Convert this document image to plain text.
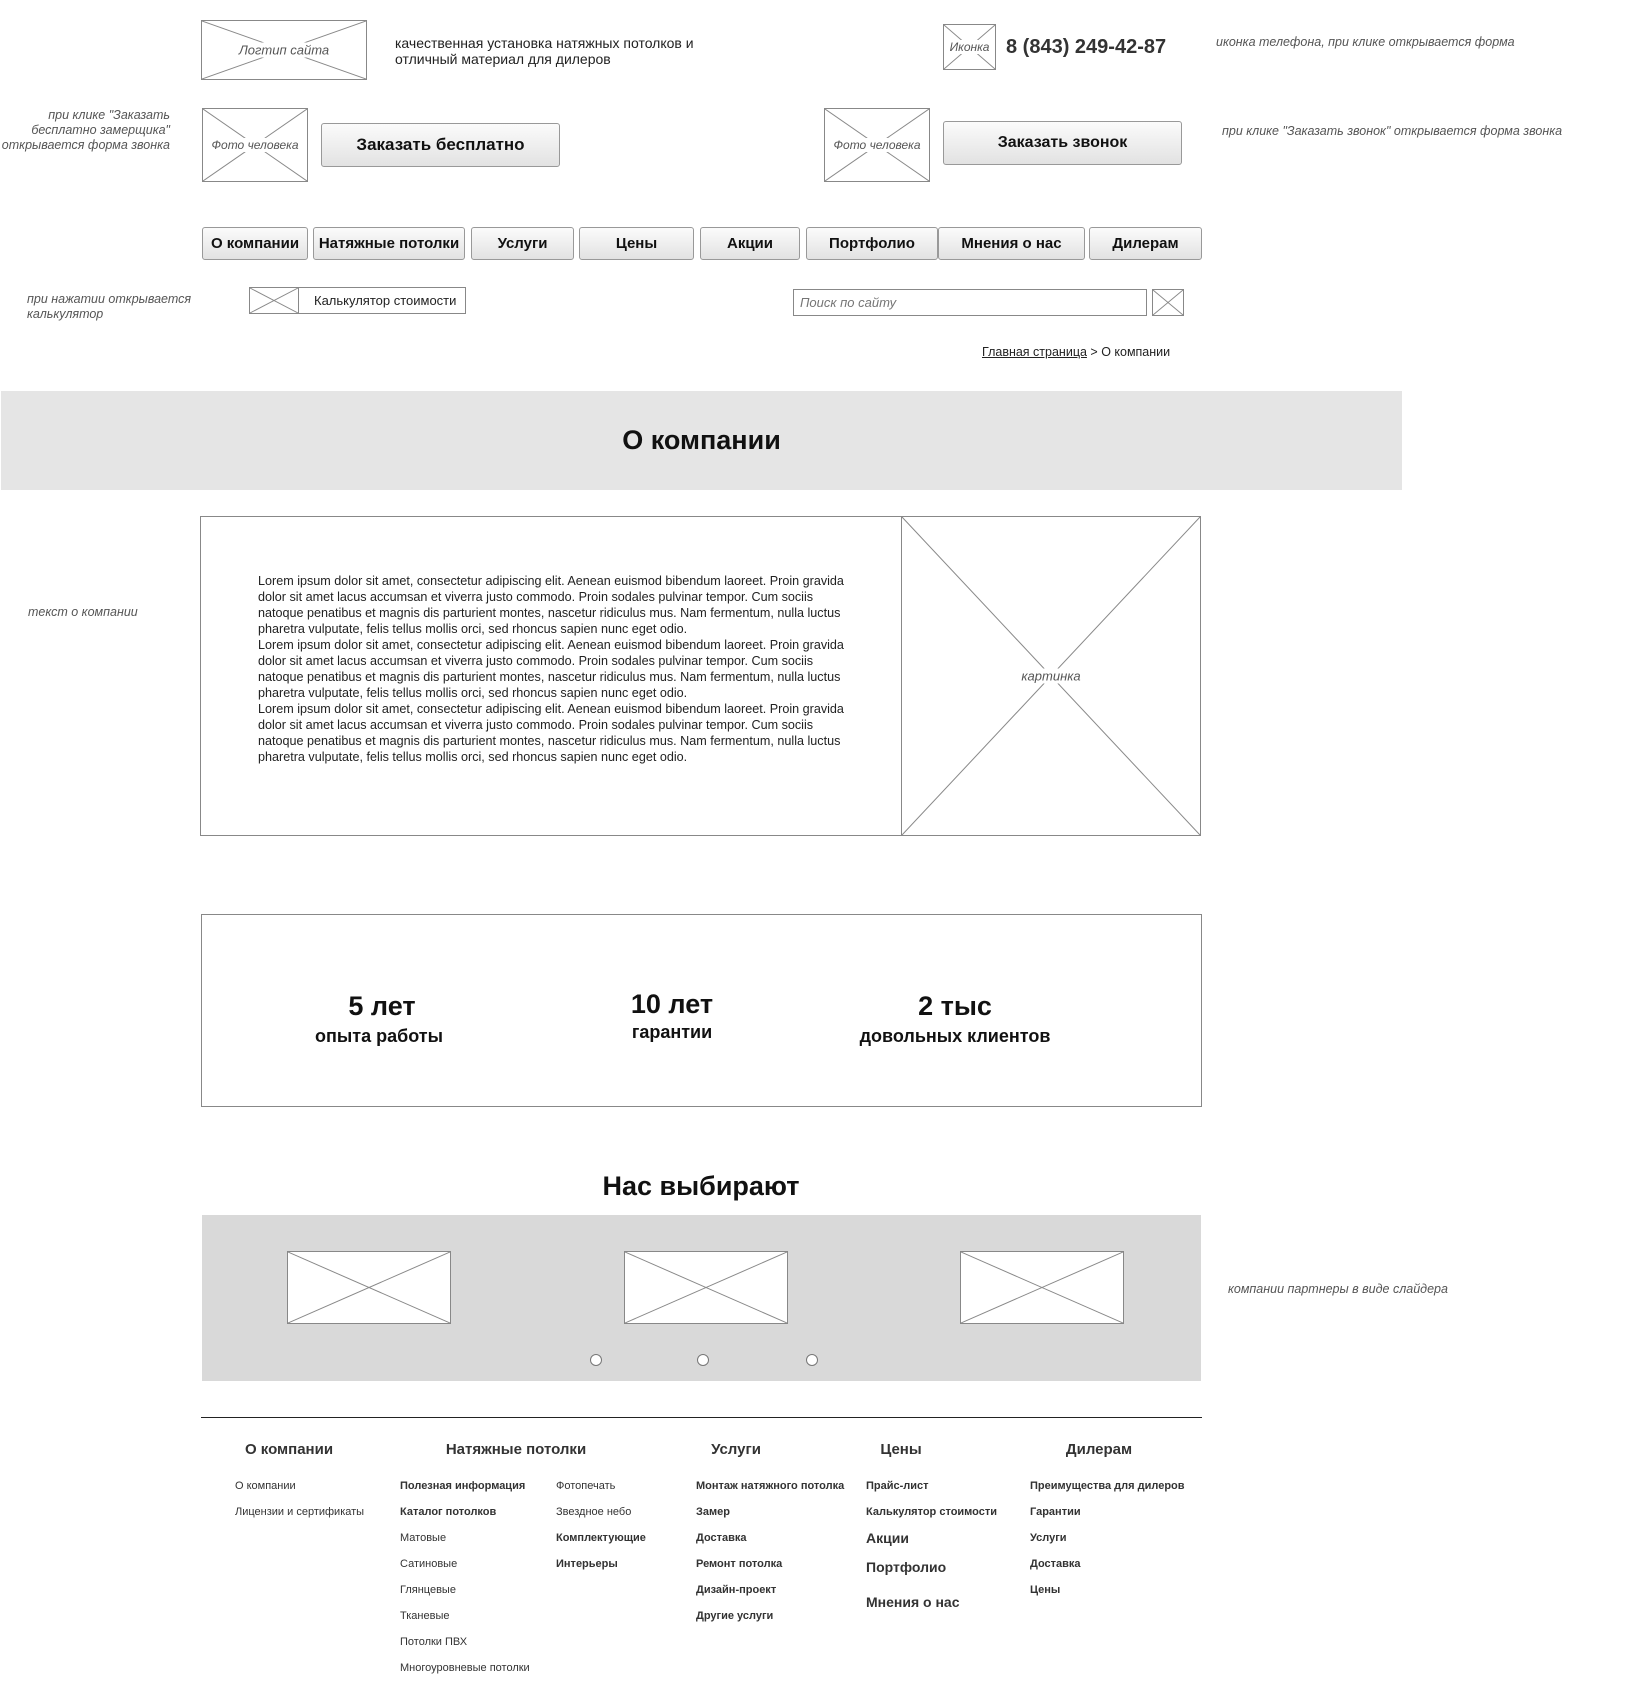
Логтип сайта	качественная установка натяжных потолков и отличный материал для дилеров
Иконка 8 (843) 249-42-87	иконка телефона, при клике открывается форма
при клике "Заказать бесплатно замерщика" открывается форма звонка	Фото человека	Заказать бесплатно	Фото человека	Заказать звонок
при клике "Заказать звонок" открывается форма звонка
О компании	Натяжные потолки	Услуги	Цены	Акции	Портфолио	Мнения о нас	Дилерам
при нажатии открывается калькулятор
Калькулятор стоимости
Поиск по сайту
Главная страница > О компании
О компании
текст о компании
Lorem ipsum dolor sit amet, consectetur adipiscing elit. Aenean euismod bibendum laoreet. Proin gravida dolor sit amet lacus accumsan et viverra justo commodo. Proin sodales pulvinar tempor. Cum sociis natoque penatibus et magnis dis parturient montes, nascetur ridiculus mus. Nam fermentum, nulla luctus pharetra vulputate, felis tellus mollis orci, sed rhoncus sapien nunc eget odio.
Lorem ipsum dolor sit amet, consectetur adipiscing elit. Aenean euismod bibendum laoreet. Proin gravida dolor sit amet lacus accumsan et viverra justo commodo. Proin sodales pulvinar tempor. Cum sociis natoque penatibus et magnis dis parturient montes, nascetur ridiculus mus. Nam fermentum, nulla luctus pharetra vulputate, felis tellus mollis orci, sed rhoncus sapien nunc eget odio.
Lorem ipsum dolor sit amet, consectetur adipiscing elit. Aenean euismod bibendum laoreet. Proin gravida dolor sit amet lacus accumsan et viverra justo commodo. Proin sodales pulvinar tempor. Cum sociis natoque penatibus et magnis dis parturient montes, nascetur ridiculus mus. Nam fermentum, nulla luctus pharetra vulputate, felis tellus mollis orci, sed rhoncus sapien nunc eget odio.
картинка
5 лет
опыта работы
10 лет
гарантии
2 тыс
довольных клиентов
Нас выбирают
компании партнеры в виде слайдера
О компании
О компании
Лицензии и сертификаты
Натяжные потолки
Полезная информация
Каталог потолков
Матовые
Сатиновые
Глянцевые
Тканевые
Потолки ПВХ
Многоуровневые потолки
Фотопечать
Звездное небо
Комплектующие
Интерьеры
Услуги
Монтаж натяжного потолка
Замер
Доставка
Ремонт потолка
Дизайн-проект
Другие услуги
Цены
Прайс-лист
Калькулятор стоимости
Акции
Портфолио
Мнения о нас
Дилерам
Преимущества для дилеров
Гарантии
Услуги
Доставка
Цены
